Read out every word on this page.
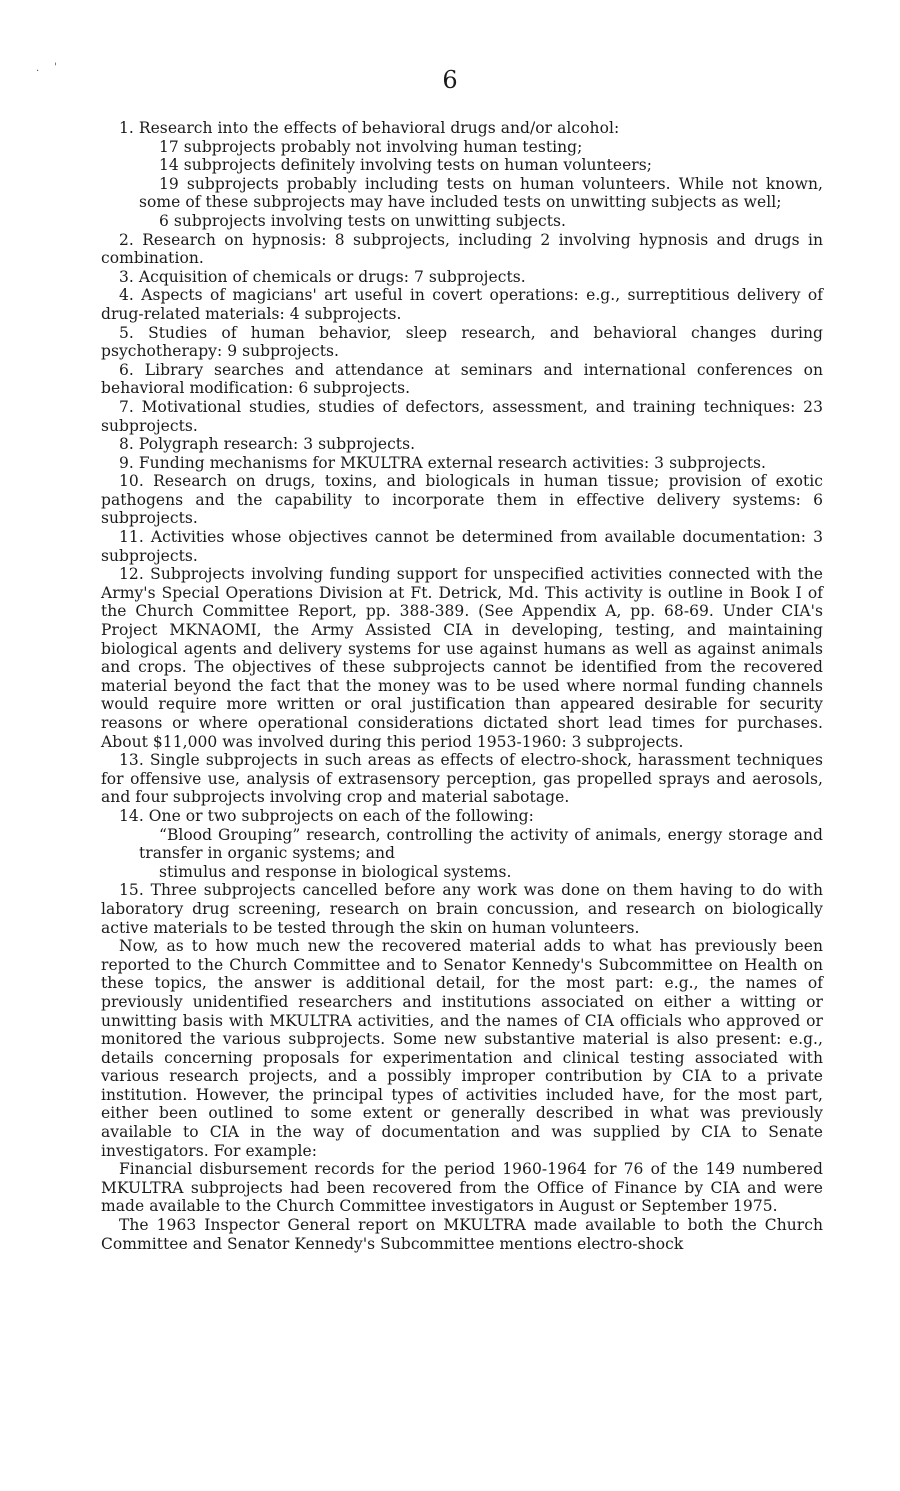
· '	6

1. Research into the effects of behavioral drugs and/or alcohol:

17 subprojects probably not involving human testing;

14 subprojects definitely involving tests on human volunteers;

19 subprojects probably including tests on human volunteers. While not known, some of these subprojects may have included tests on unwitting subjects as well;

6 subprojects involving tests on unwitting subjects.

2. Research on hypnosis: 8 subprojects, including 2 involving hypnosis and drugs in combination.

3. Acquisition of chemicals or drugs: 7 subprojects.

4. Aspects of magicians' art useful in covert operations: e.g., surreptitious delivery of drug-related materials: 4 subprojects.

5. Studies of human behavior, sleep research, and behavioral changes during psychotherapy: 9 subprojects.

6. Library searches and attendance at seminars and international conferences on behavioral modification: 6 subprojects.

7. Motivational studies, studies of defectors, assessment, and training techniques: 23 subprojects.

8. Polygraph research: 3 subprojects.

9. Funding mechanisms for MKULTRA external research activities: 3 subprojects.

10. Research on drugs, toxins, and biologicals in human tissue; provision of exotic pathogens and the capability to incorporate them in effective delivery systems: 6 subprojects.

11. Activities whose objectives cannot be determined from available documentation: 3 subprojects.

12. Subprojects involving funding support for unspecified activities connected with the Army's Special Operations Division at Ft. Detrick, Md. This activity is outline in Book I of the Church Committee Report, pp. 388-389. (See Appendix A, pp. 68-69. Under CIA's Project MKNAOMI, the Army Assisted CIA in developing, testing, and maintaining biological agents and delivery systems for use against humans as well as against animals and crops. The objectives of these subprojects cannot be identified from the recovered material beyond the fact that the money was to be used where normal funding channels would require more written or oral justification than appeared desirable for security reasons or where operational considerations dictated short lead times for purchases. About $11,000 was involved during this period 1953-1960: 3 subprojects.

13. Single subprojects in such areas as effects of electro-shock, harassment techniques for offensive use, analysis of extrasensory perception, gas propelled sprays and aerosols, and four subprojects involving crop and material sabotage.

14. One or two subprojects on each of the following:

“Blood Grouping” research, controlling the activity of animals, energy storage and transfer in organic systems; and

stimulus and response in biological systems.

15. Three subprojects cancelled before any work was done on them having to do with laboratory drug screening, research on brain concussion, and research on biologically active materials to be tested through the skin on human volunteers.

Now, as to how much new the recovered material adds to what has previously been reported to the Church Committee and to Senator Kennedy's Subcommittee on Health on these topics, the answer is additional detail, for the most part: e.g., the names of previously unidentified researchers and institutions associated on either a witting or unwitting basis with MKULTRA activities, and the names of CIA officials who approved or monitored the various subprojects. Some new substantive material is also present: e.g., details concerning proposals for experimentation and clinical testing associated with various research projects, and a possibly improper contribution by CIA to a private institution. However, the principal types of activities included have, for the most part, either been outlined to some extent or generally described in what was previously available to CIA in the way of documentation and was supplied by CIA to Senate investigators. For example:

Financial disbursement records for the period 1960-1964 for 76 of the 149 numbered MKULTRA subprojects had been recovered from the Office of Finance by CIA and were made available to the Church Committee investigators in August or September 1975.

The 1963 Inspector General report on MKULTRA made available to both the Church Committee and Senator Kennedy's Subcommittee mentions electro-shock
